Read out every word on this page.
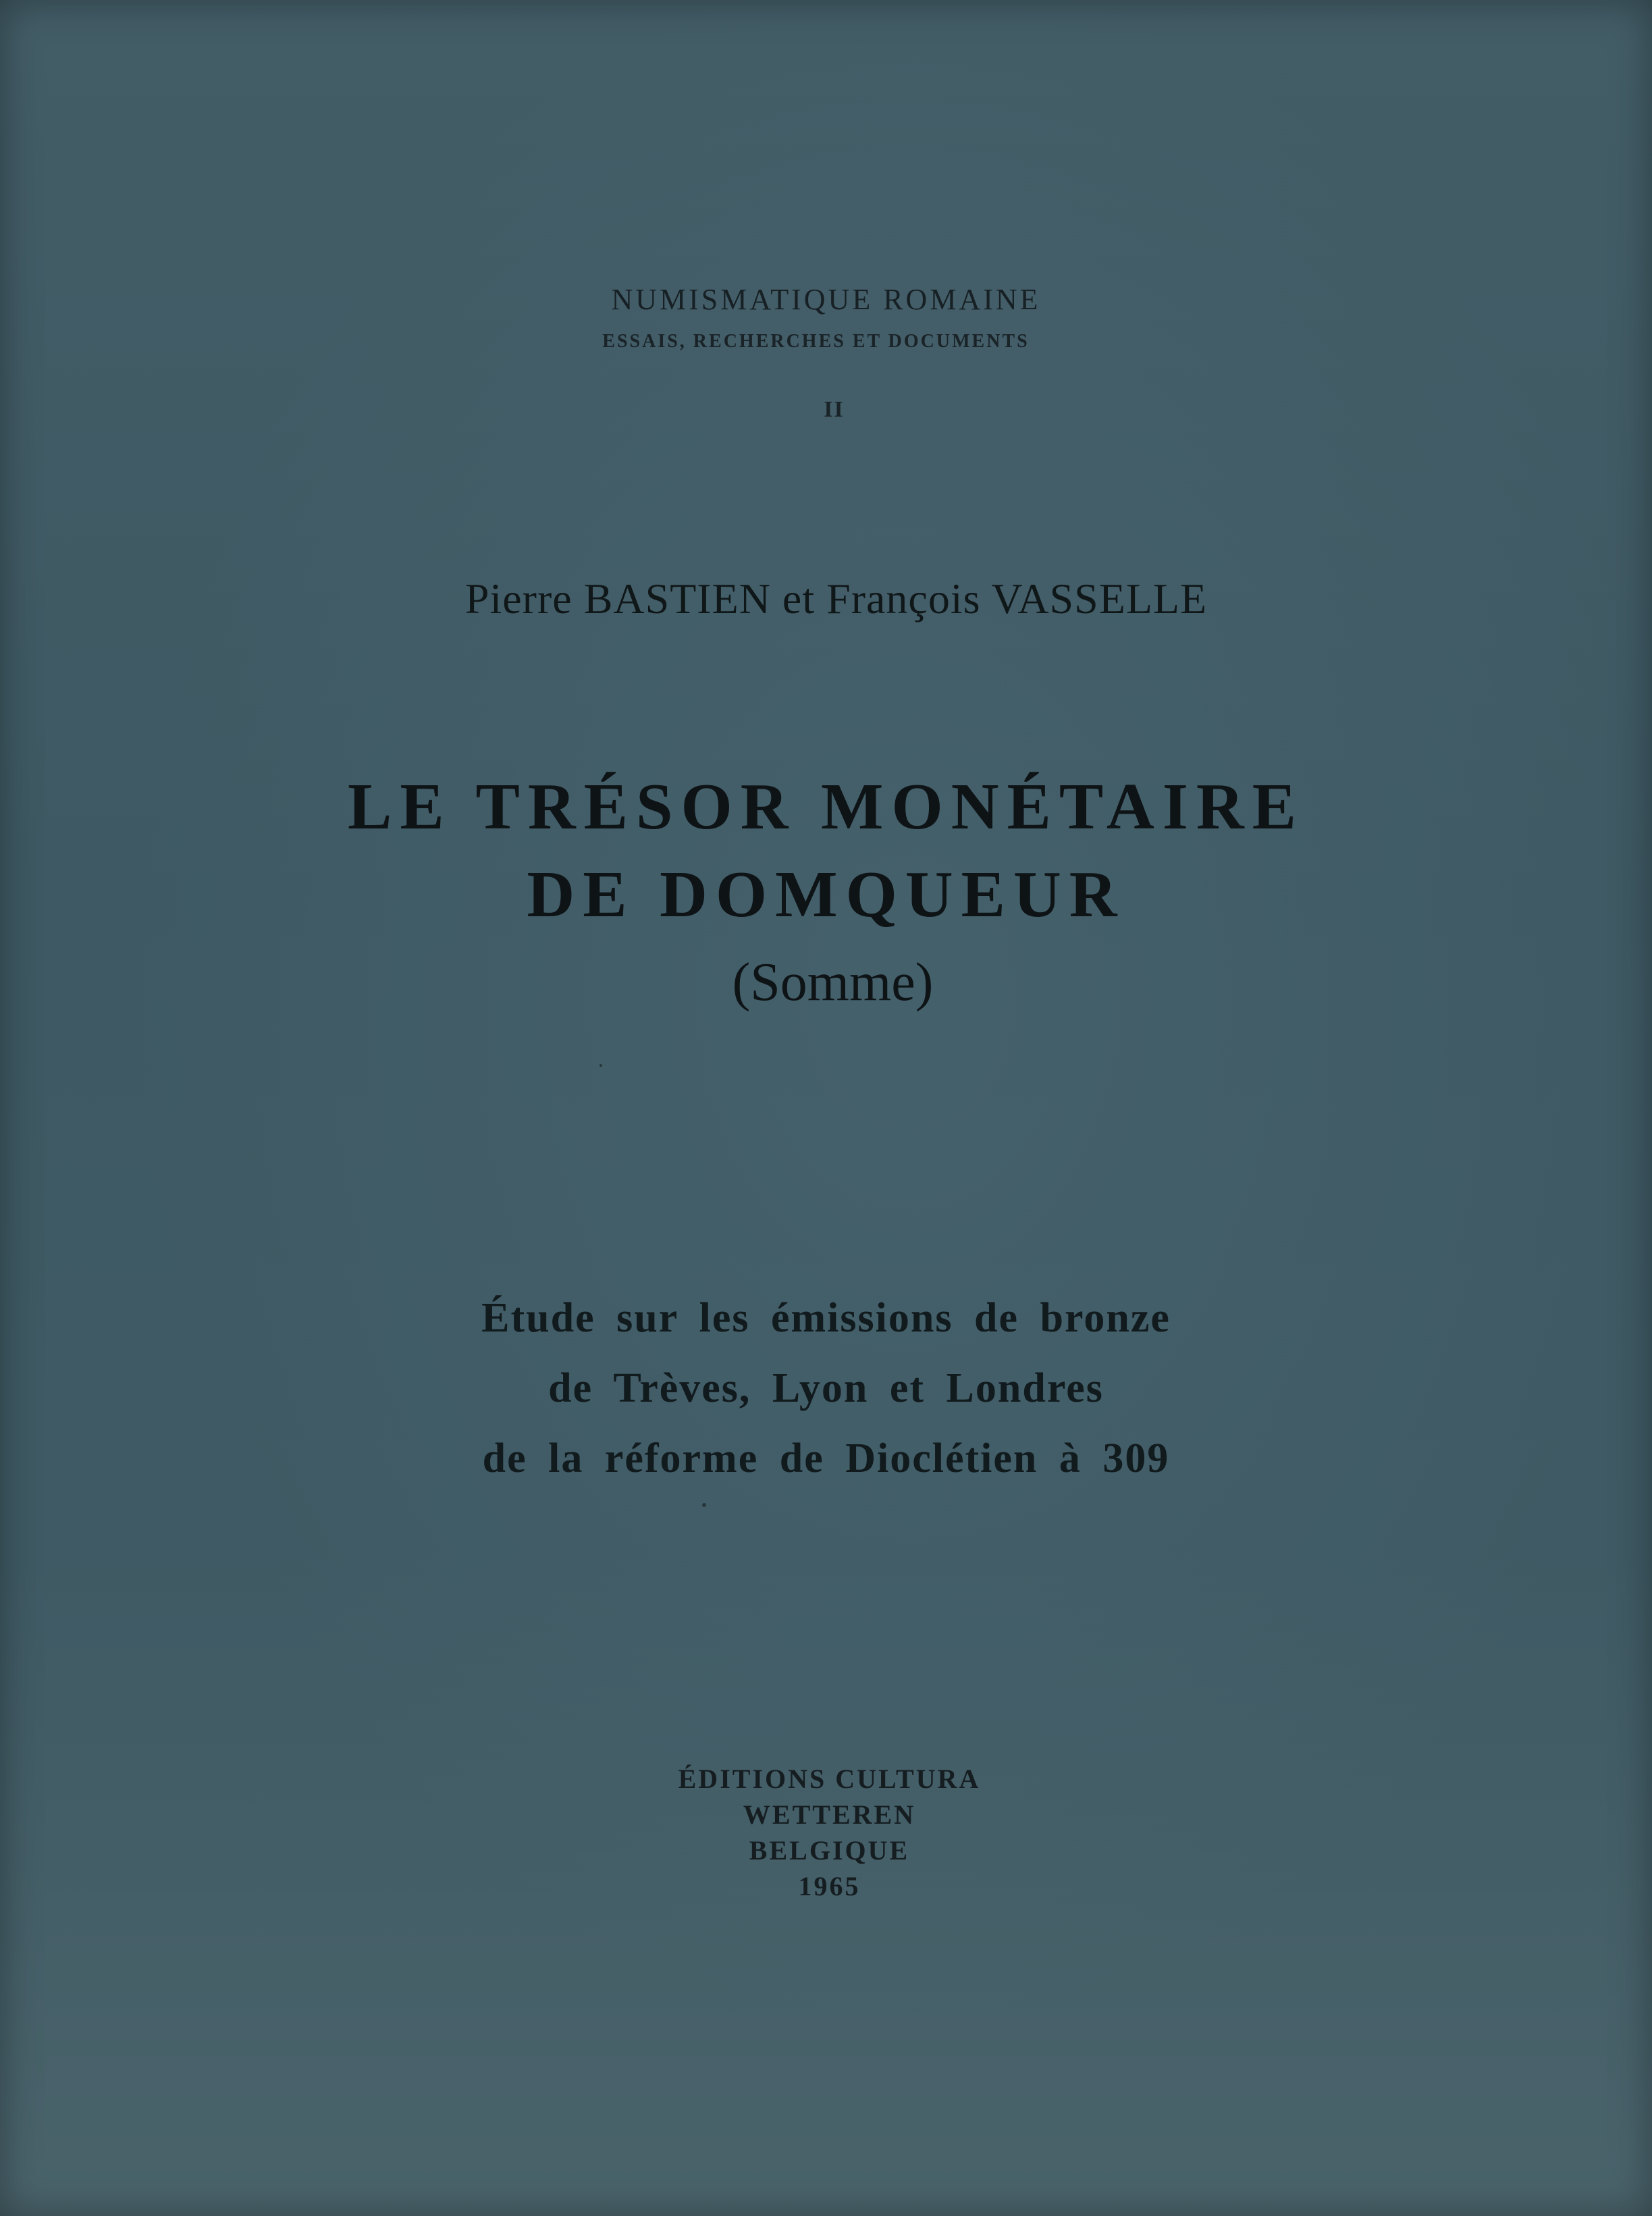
NUMISMATIQUE ROMAINE
ESSAIS, RECHERCHES ET DOCUMENTS
II
Pierre BASTIEN et François VASSELLE
LE TRÉSOR MONÉTAIRE
DE DOMQUEUR
(Somme)
Étude sur les émissions de bronze
de Trèves, Lyon et Londres
de la réforme de Dioclétien à 309
ÉDITIONS CULTURA
WETTEREN
BELGIQUE
1965
